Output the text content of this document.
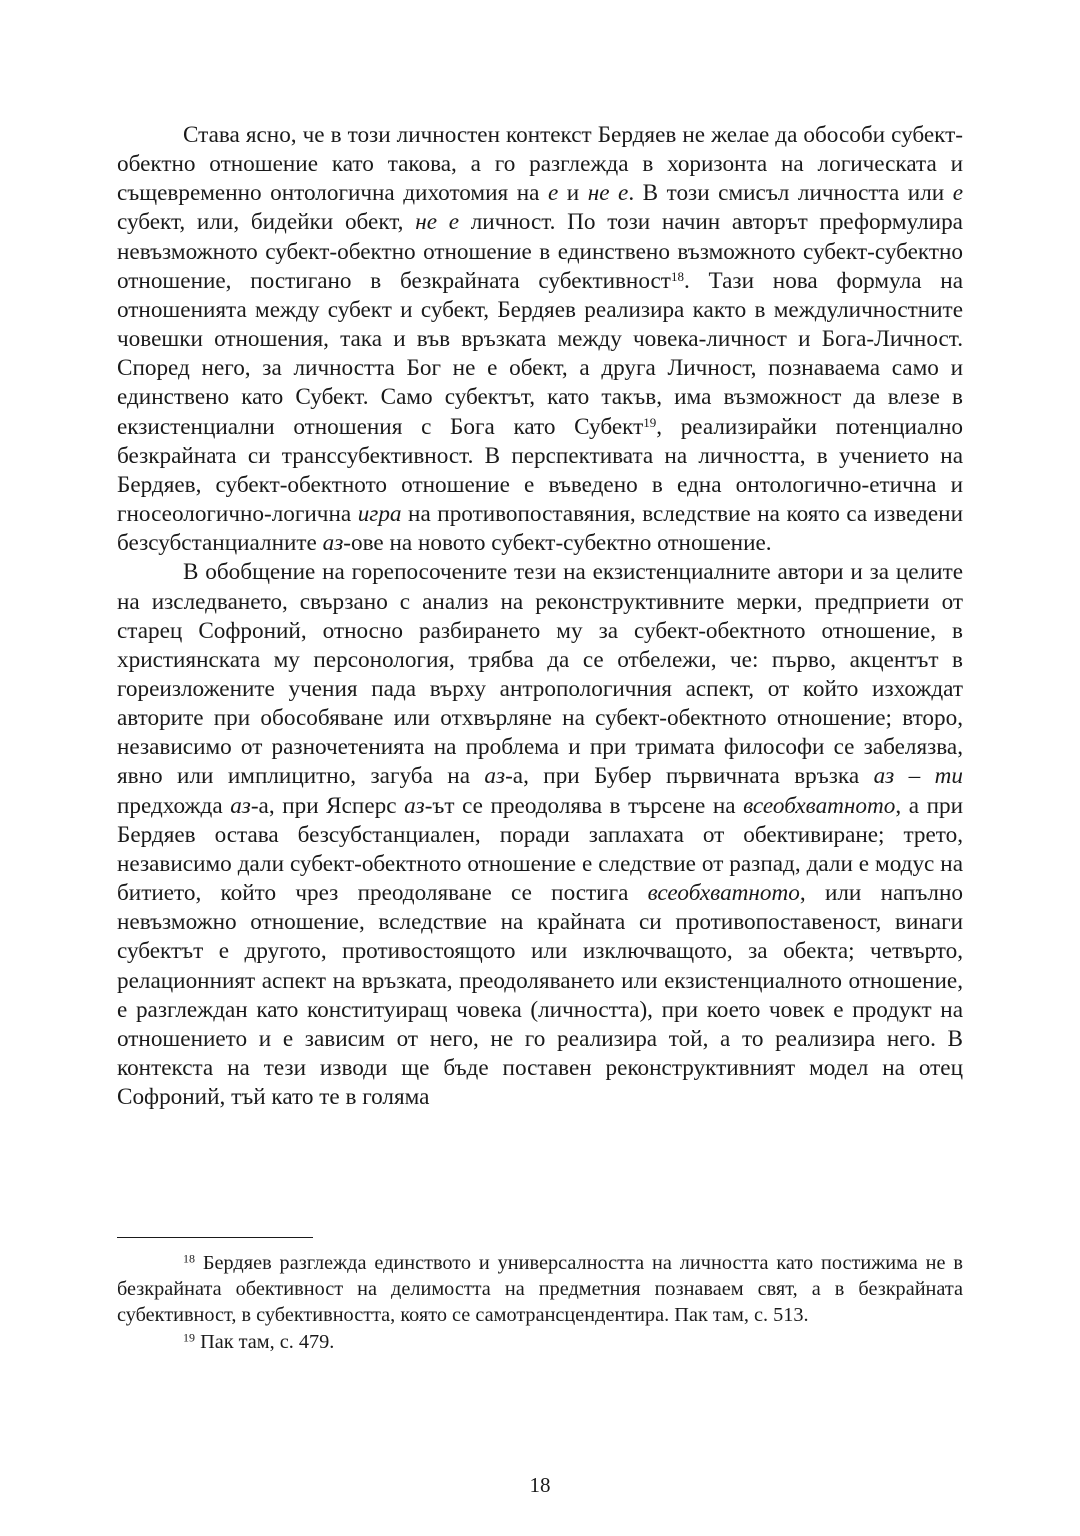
Става ясно, че в този личностен контекст Бердяев не желае да обособи субект-обектно отношение като такова, а го разглежда в хоризонта на логическата и същевременно онтологична дихотомия на е и не е. В този смисъл личността или е субект, или, бидейки обект, не е личност. По този начин авторът преформулира невъзможното субект-обектно отношение в единствено възможното субект-субектно отношение, постигано в безкрайната субективност$^{18}$. Тази нова формула на отношенията между субект и субект, Бердяев реализира както в междуличностните човешки отношения, така и във връзката между човека-личност и Бога-Личност. Според него, за личността Бог не е обект, а друга Личност, познаваема само и единствено като Субект. Само субектът, като такъв, има възможност да влезе в екзистенциални отношения с Бога като Субект$^{19}$, реализирайки потенциално безкрайната си транссубективност. В перспективата на личността, в учението на Бердяев, субект-обектното отношение е въведено в една онтологично-етична и гносеологично-логична игра на противопоставяния, вследствие на която са изведени безсубстанциалните аз-ове на новото субект-субектно отношение.

В обобщение на горепосочените тези на екзистенциалните автори и за целите на изследването, свързано с анализ на реконструктивните мерки, предприети от старец Софроний, относно разбирането му за субект-обектното отношение, в християнската му персонология, трябва да се отбележи, че: първо, акцентът в гореизложените учения пада върху антропологичния аспект, от който изхождат авторите при обособяване или отхвърляне на субект-обектното отношение; второ, независимо от разночетенията на проблема и при тримата философи се забелязва, явно или имплицитно, загуба на аз-а, при Бубер първичната връзка аз – ти предхожда аз-а, при Ясперс аз-ът се преодолява в търсене на всеобхватното, а при Бердяев остава безсубстанциален, поради заплахата от обективиране; трето, независимо дали субект-обектното отношение е следствие от разпад, дали е модус на битието, който чрез преодоляване се постига всеобхватното, или напълно невъзможно отношение, вследствие на крайната си противопоставеност, винаги субектът е другото, противостоящото или изключващото, за обекта; четвърто, релационният аспект на връзката, преодоляването или екзистенциалното отношение, е разглеждан като конституиращ човека (личността), при което човек е продукт на отношението и е зависим от него, не го реализира той, а то реализира него. В контекста на тези изводи ще бъде поставен реконструктивният модел на отец Софроний, тъй като те в голяма

$^{18}$ Бердяев разглежда единството и универсалността на личността като постижима не в безкрайната обективност на делимостта на предметния познаваем свят, а в безкрайната субективност, в субективността, която се самотрансцендентира. Пак там, с. 513.

$^{19}$ Пак там, с. 479.

18
